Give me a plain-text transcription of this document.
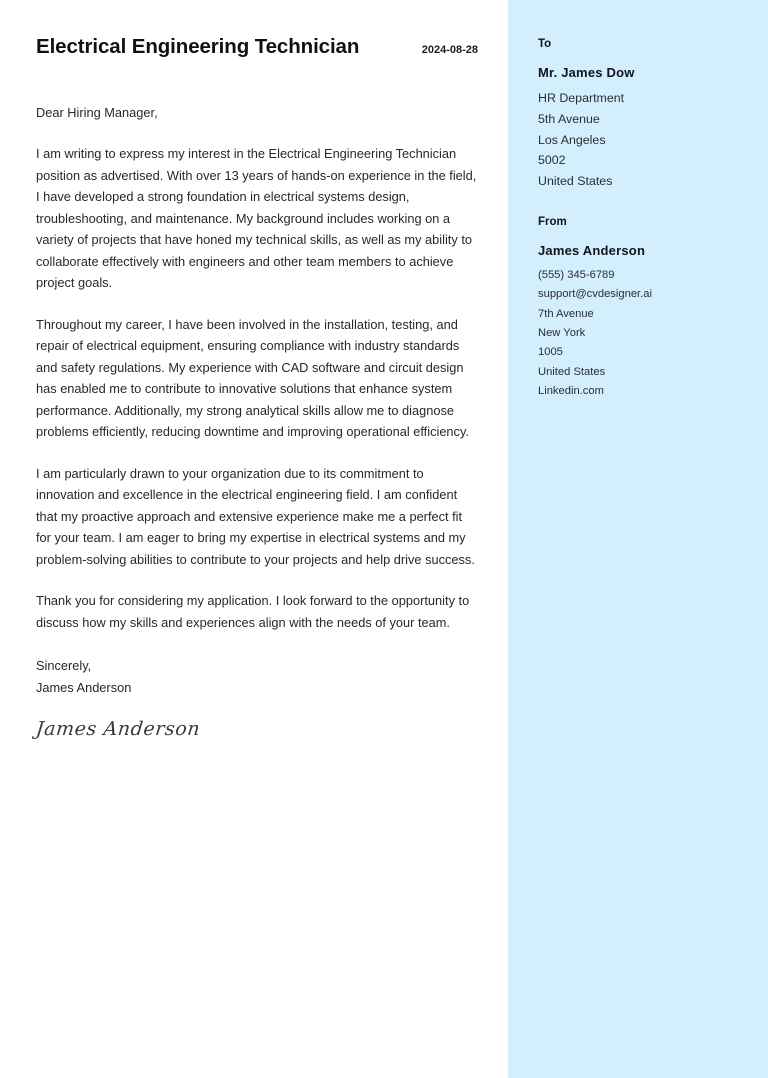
Electrical Engineering Technician	2024-08-28
Dear Hiring Manager,

I am writing to express my interest in the Electrical Engineering Technician position as advertised. With over 13 years of hands-on experience in the field, I have developed a strong foundation in electrical systems design, troubleshooting, and maintenance. My background includes working on a variety of projects that have honed my technical skills, as well as my ability to collaborate effectively with engineers and other team members to achieve project goals.

Throughout my career, I have been involved in the installation, testing, and repair of electrical equipment, ensuring compliance with industry standards and safety regulations. My experience with CAD software and circuit design has enabled me to contribute to innovative solutions that enhance system performance. Additionally, my strong analytical skills allow me to diagnose problems efficiently, reducing downtime and improving operational efficiency.

I am particularly drawn to your organization due to its commitment to innovation and excellence in the electrical engineering field. I am confident that my proactive approach and extensive experience make me a perfect fit for your team. I am eager to bring my expertise in electrical systems and my problem-solving abilities to contribute to your projects and help drive success.

Thank you for considering my application. I look forward to the opportunity to discuss how my skills and experiences align with the needs of your team.

Sincerely,
James Anderson
James Anderson
To
Mr. James Dow
HR Department
5th Avenue
Los Angeles
5002
United States
From
James Anderson
(555) 345-6789
support@cvdesigner.ai
7th Avenue
New York
1005
United States
Linkedin.com
